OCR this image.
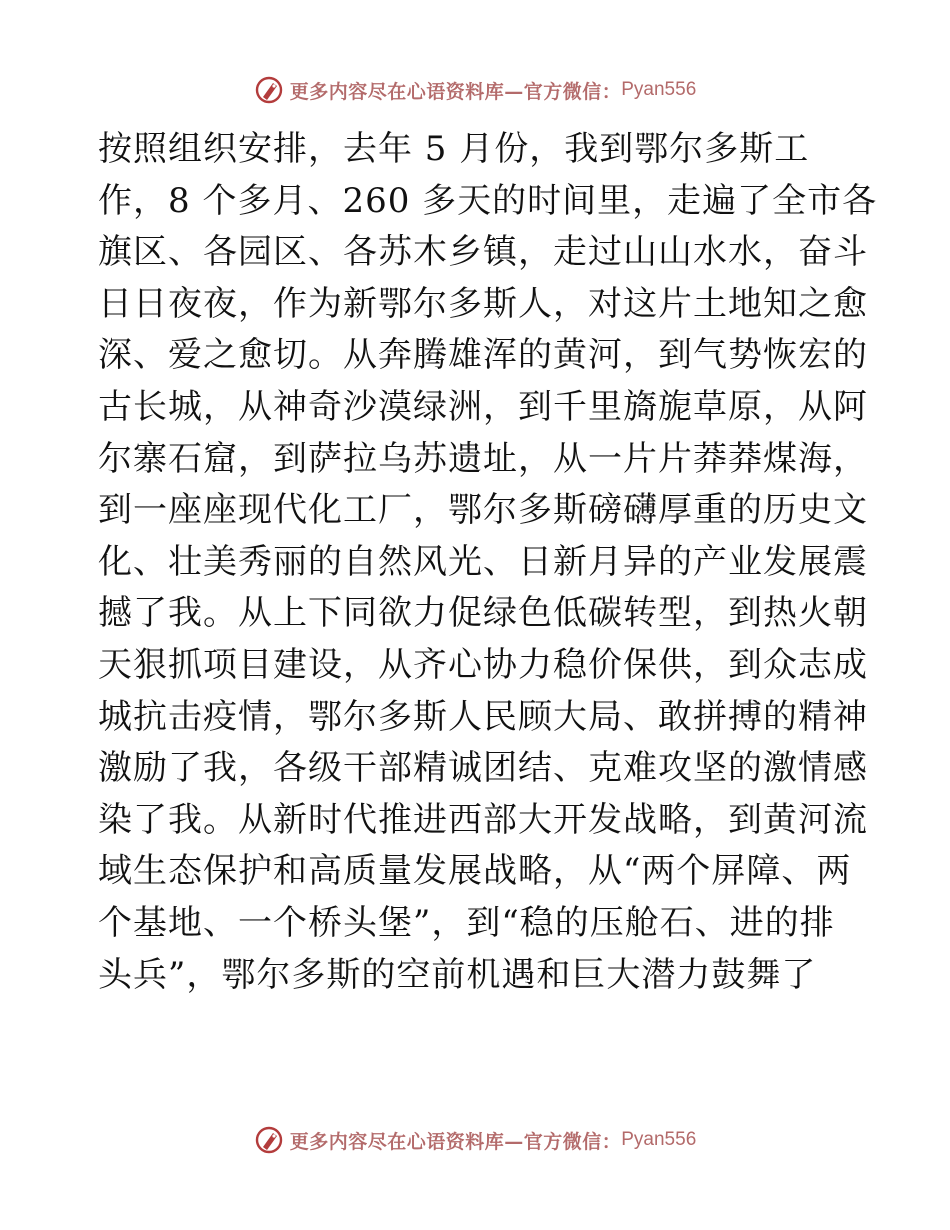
更多内容尽在心语资料库—官方微信： Pyan556
按照组织安排，去年 5 月份，我到鄂尔多斯工
作，8 个多月、260 多天的时间里，走遍了全市各
旗区、各园区、各苏木乡镇，走过山山水水，奋斗
日日夜夜，作为新鄂尔多斯人，对这片土地知之愈
深、爱之愈切。从奔腾雄浑的黄河，到气势恢宏的
古长城，从神奇沙漠绿洲，到千里旖旎草原，从阿
尔寨石窟，到萨拉乌苏遗址，从一片片莽莽煤海，
到一座座现代化工厂，鄂尔多斯磅礴厚重的历史文
化、壮美秀丽的自然风光、日新月异的产业发展震
撼了我。从上下同欲力促绿色低碳转型，到热火朝
天狠抓项目建设，从齐心协力稳价保供，到众志成
城抗击疫情，鄂尔多斯人民顾大局、敢拼搏的精神
激励了我，各级干部精诚团结、克难攻坚的激情感
染了我。从新时代推进西部大开发战略，到黄河流
域生态保护和高质量发展战略，从“两个屏障、两
个基地、一个桥头堡”，到“稳的压舱石、进的排
头兵”，鄂尔多斯的空前机遇和巨大潜力鼓舞了
更多内容尽在心语资料库—官方微信： Pyan556
